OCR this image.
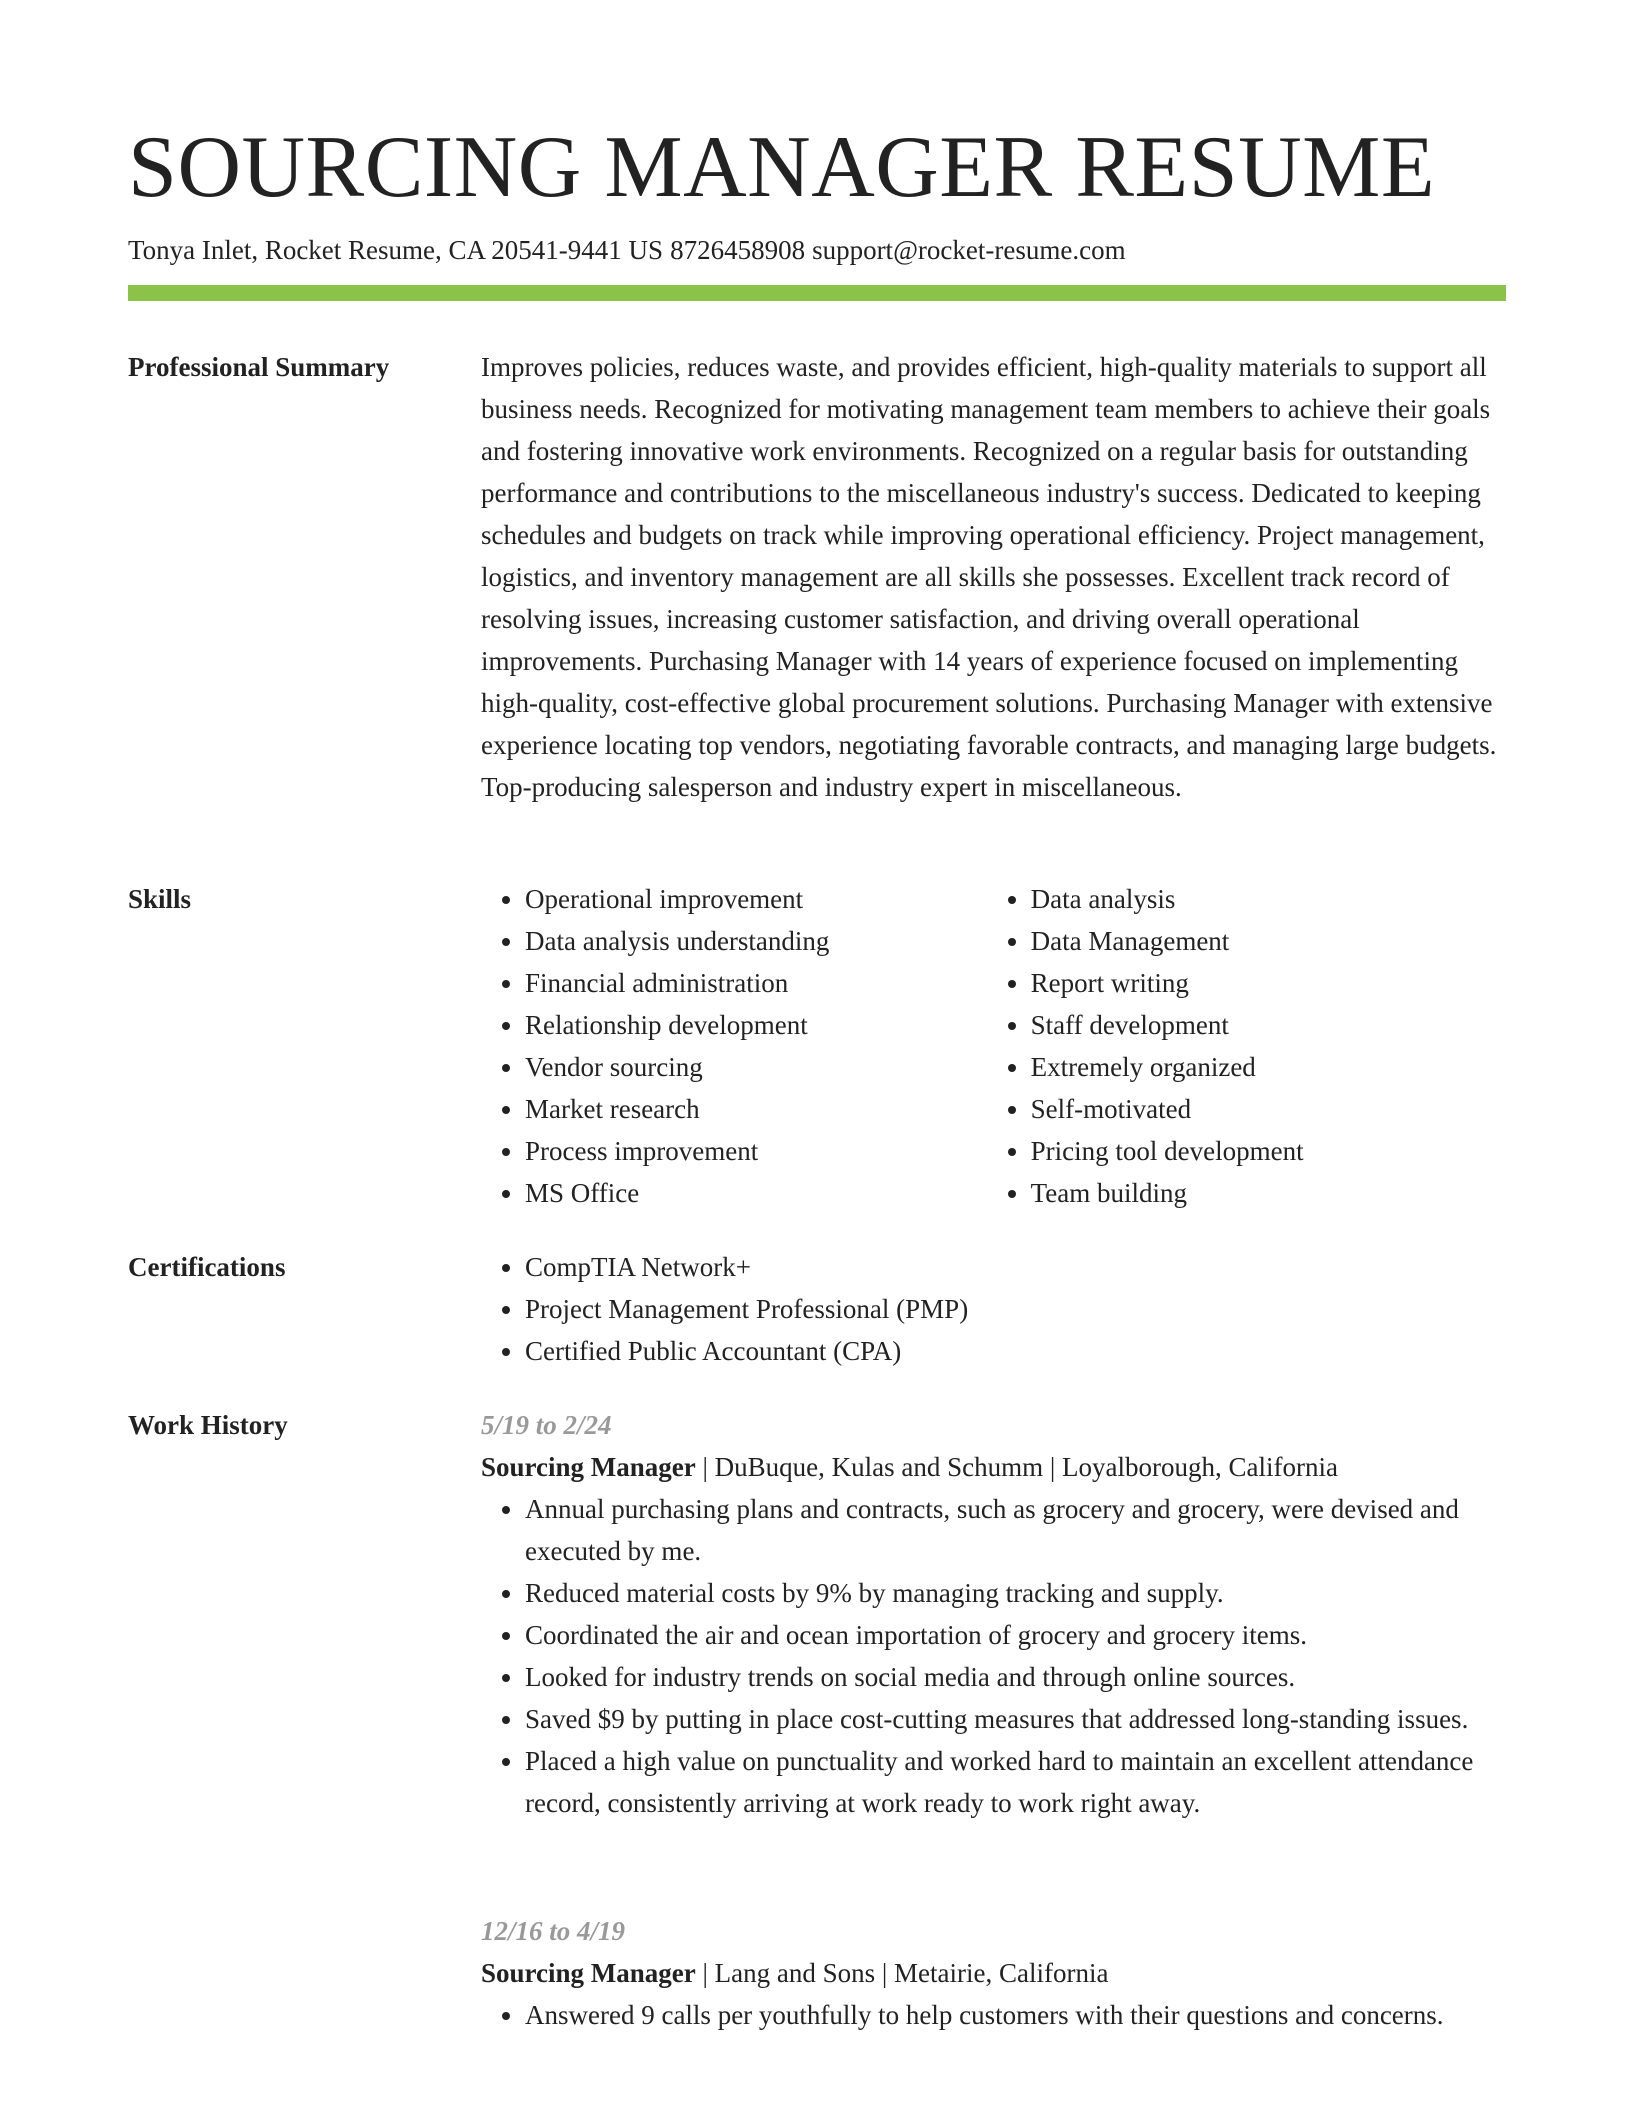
SOURCING MANAGER RESUME
Tonya Inlet, Rocket Resume, CA 20541-9441 US 8726458908 support@rocket-resume.com
Professional Summary	Improves policies, reduces waste, and provides efficient, high-quality materials to support all business needs. Recognized for motivating management team members to achieve their goals and fostering innovative work environments. Recognized on a regular basis for outstanding performance and contributions to the miscellaneous industry's success. Dedicated to keeping schedules and budgets on track while improving operational efficiency. Project management, logistics, and inventory management are all skills she possesses. Excellent track record of resolving issues, increasing customer satisfaction, and driving overall operational improvements. Purchasing Manager with 14 years of experience focused on implementing high-quality, cost-effective global procurement solutions. Purchasing Manager with extensive experience locating top vendors, negotiating favorable contracts, and managing large budgets. Top-producing salesperson and industry expert in miscellaneous.

Skills	• Operational improvement
• Data analysis understanding
• Financial administration
• Relationship development
• Vendor sourcing
• Market research
• Process improvement
• MS Office
• Data analysis
• Data Management
• Report writing
• Staff development
• Extremely organized
• Self-motivated
• Pricing tool development
• Team building
Certifications	• CompTIA Network+
• Project Management Professional (PMP)
• Certified Public Accountant (CPA)
Work History	5/19 to 2/24
Sourcing Manager | DuBuque, Kulas and Schumm | Loyalborough, California
• Annual purchasing plans and contracts, such as grocery and grocery, were devised and executed by me.
• Reduced material costs by 9% by managing tracking and supply.
• Coordinated the air and ocean importation of grocery and grocery items.
• Looked for industry trends on social media and through online sources.
• Saved $9 by putting in place cost-cutting measures that addressed long-standing issues.
• Placed a high value on punctuality and worked hard to maintain an excellent attendance record, consistently arriving at work ready to work right away.
12/16 to 4/19
Sourcing Manager | Lang and Sons | Metairie, California
• Answered 9 calls per youthfully to help customers with their questions and concerns.
